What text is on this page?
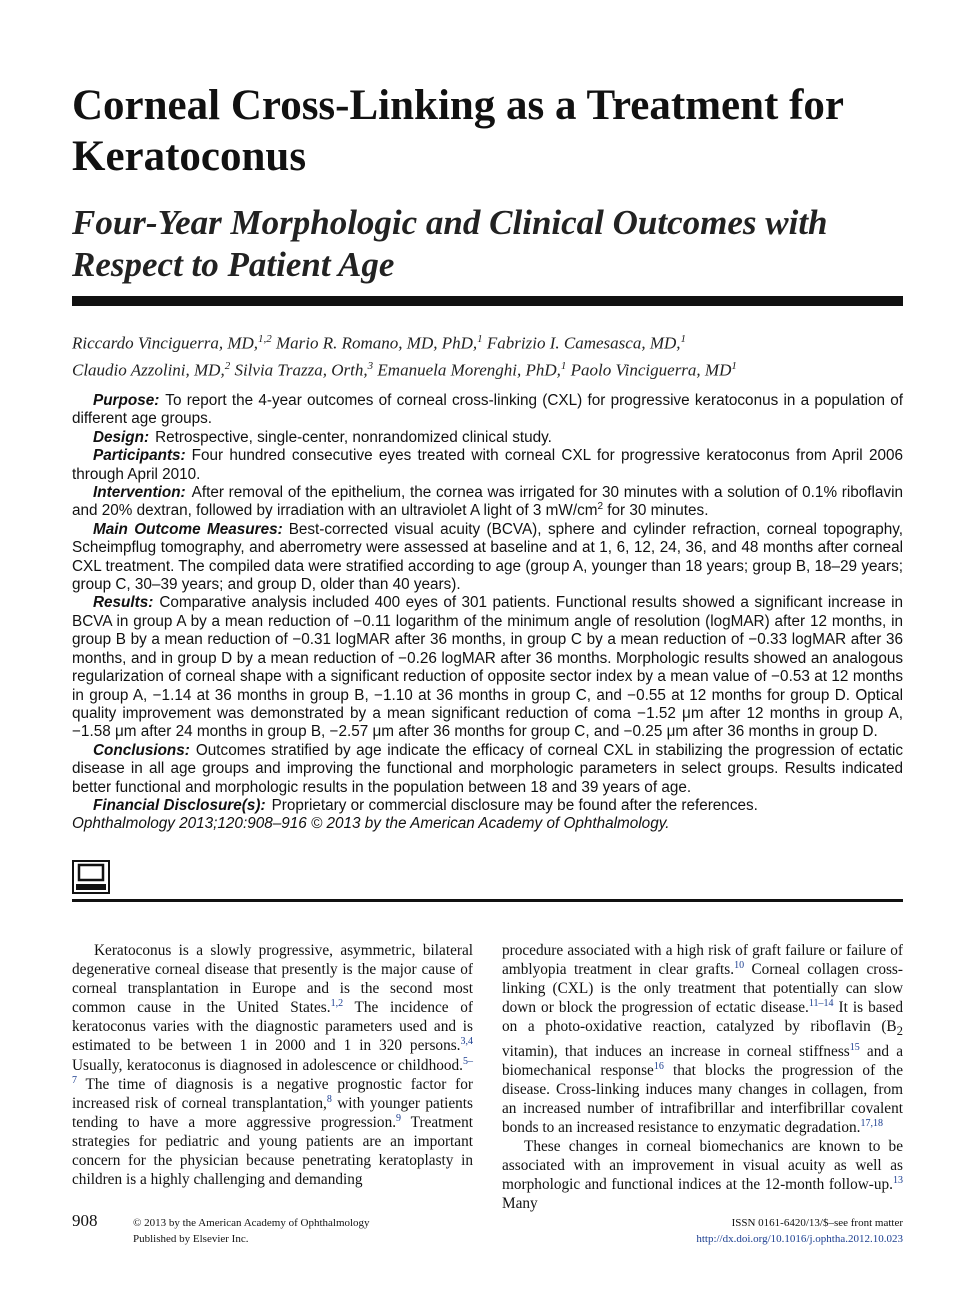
Corneal Cross-Linking as a Treatment for Keratoconus
Four-Year Morphologic and Clinical Outcomes with Respect to Patient Age
Riccardo Vinciguerra, MD,$^{1,2}$ Mario R. Romano, MD, PhD,$^1$ Fabrizio I. Camesasca, MD,$^1$
Claudio Azzolini, MD,$^2$ Silvia Trazza, Orth,$^3$ Emanuela Morenghi, PhD,$^1$ Paolo Vinciguerra, $MD^1$

Purpose: To report the 4-year outcomes of corneal cross-linking (CXL) for progressive keratoconus in a population of different age groups.

Design: Retrospective, single-center, nonrandomized clinical study.

Participants: Four hundred consecutive eyes treated with corneal CXL for progressive keratoconus from April 2006 through April 2010.

Intervention: After removal of the epithelium, the cornea was irrigated for 30 minutes with a solution of 0.1% riboflavin and 20% dextran, followed by irradiation with an ultraviolet A light of 3 $mW/cm^2$ for 30 minutes.

Main Outcome Measures: Best-corrected visual acuity (BCVA), sphere and cylinder refraction, corneal topography, Scheimpflug tomography, and aberrometry were assessed at baseline and at 1, 6, 12, 24, 36, and 48 months after corneal CXL treatment. The compiled data were stratified according to age (group A, younger than 18 years; group B, 18–29 years; group C, 30–39 years; and group D, older than 40 years).

Results: Comparative analysis included 400 eyes of 301 patients. Functional results showed a significant increase in BCVA in group A by a mean reduction of −0.11 logarithm of the minimum angle of resolution (logMAR) after 12 months, in group B by a mean reduction of −0.31 logMAR after 36 months, in group C by a mean reduction of −0.33 logMAR after 36 months, and in group D by a mean reduction of −0.26 logMAR after 36 months. Morphologic results showed an analogous regularization of corneal shape with a significant reduction of opposite sector index by a mean value of −0.53 at 12 months in group A, −1.14 at 36 months in group B, −1.10 at 36 months in group C, and −0.55 at 12 months for group D. Optical quality improvement was demonstrated by a mean significant reduction of coma −1.52 μm after 12 months in group A, −1.58 μm after 24 months in group B, −2.57 μm after 36 months for group C, and −0.25 μm after 36 months in group D.

Conclusions: Outcomes stratified by age indicate the efficacy of corneal CXL in stabilizing the progression of ectatic disease in all age groups and improving the functional and morphologic parameters in select groups. Results indicated better functional and morphologic results in the population between 18 and 39 years of age.

Financial Disclosure(s): Proprietary or commercial disclosure may be found after the references.

Ophthalmology 2013;120:908–916 © 2013 by the American Academy of Ophthalmology.

Keratoconus is a slowly progressive, asymmetric, bilateral degenerative corneal disease that presently is the major cause of corneal transplantation in Europe and is the second most common cause in the United States.$^{1,2}$ The incidence of keratoconus varies with the diagnostic parameters used and is estimated to be between 1 in 2000 and 1 in 320 persons.$^{3,4}$ Usually, keratoconus is diagnosed in adolescence or childhood.$^{5-7}$ The time of diagnosis is a negative prognostic factor for increased risk of corneal transplantation,$^8$ with younger patients tending to have a more aggressive progression.$^9$ Treatment strategies for pediatric and young patients are an important concern for the physician because penetrating keratoplasty in children is a highly challenging and demanding

procedure associated with a high risk of graft failure or failure of amblyopia treatment in clear grafts.$^{10}$ Corneal collagen cross-linking (CXL) is the only treatment that potentially can slow down or block the progression of ectatic disease.$^{11-14}$ It is based on a photo-oxidative reaction, catalyzed by riboflavin ($B_2$ vitamin), that induces an increase in corneal stiffness$^{15}$ and a biomechanical response$^{16}$ that blocks the progression of the disease. Cross-linking induces many changes in collagen, from an increased number of intrafibrillar and interfibrillar covalent bonds to an increased resistance to enzymatic degradation.$^{17,18}$

These changes in corneal biomechanics are known to be associated with an improvement in visual acuity as well as morphologic and functional indices at the 12-month follow-up.$^{13}$ Many

908	© 2013 by the American Academy of Ophthalmology
Published by Elsevier Inc.
ISSN 0161-6420/13/$–see front matter
http://dx.doi.org/10.1016/j.ophtha.2012.10.023
